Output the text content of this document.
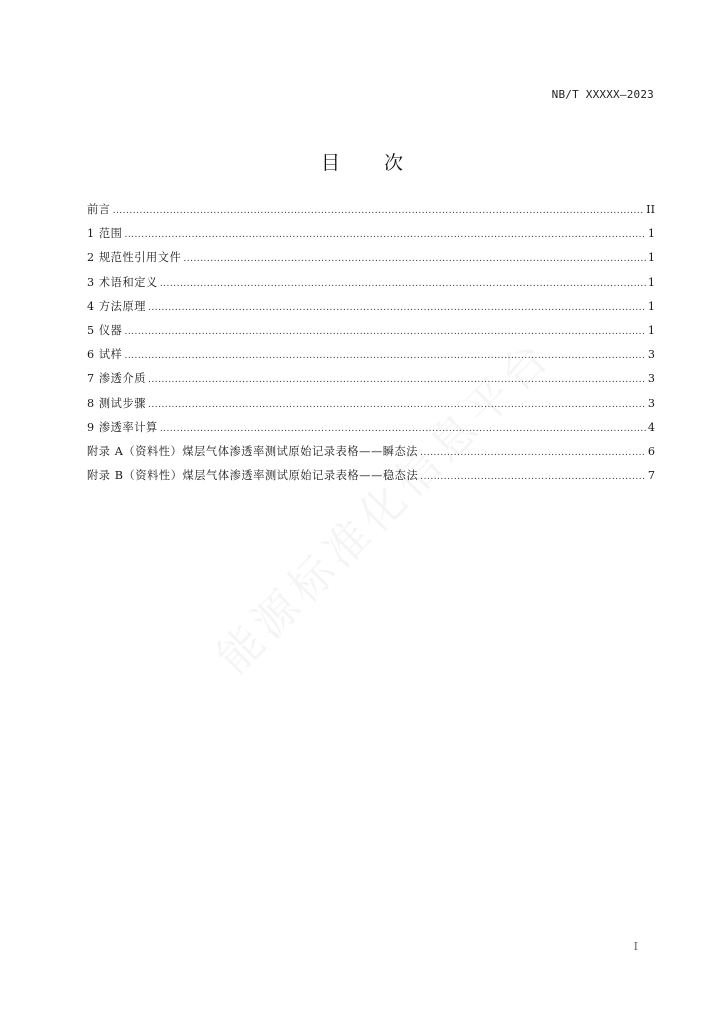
NB/T XXXXX—2023
目 次
前言 .....	II
1 范围 .....	1
2 规范性引用文件 .....	1
3 术语和定义 .....	1
4 方法原理 .....	1
5 仪器 .....	1
6 试样 .....	3
7 渗透介质 .....	3
8 测试步骤 .....	3
9 渗透率计算 .....	4
附录 A（资料性）煤层气体渗透率测试原始记录表格——瞬态法 .....	6
附录 B（资料性）煤层气体渗透率测试原始记录表格——稳态法 .....	7
I
